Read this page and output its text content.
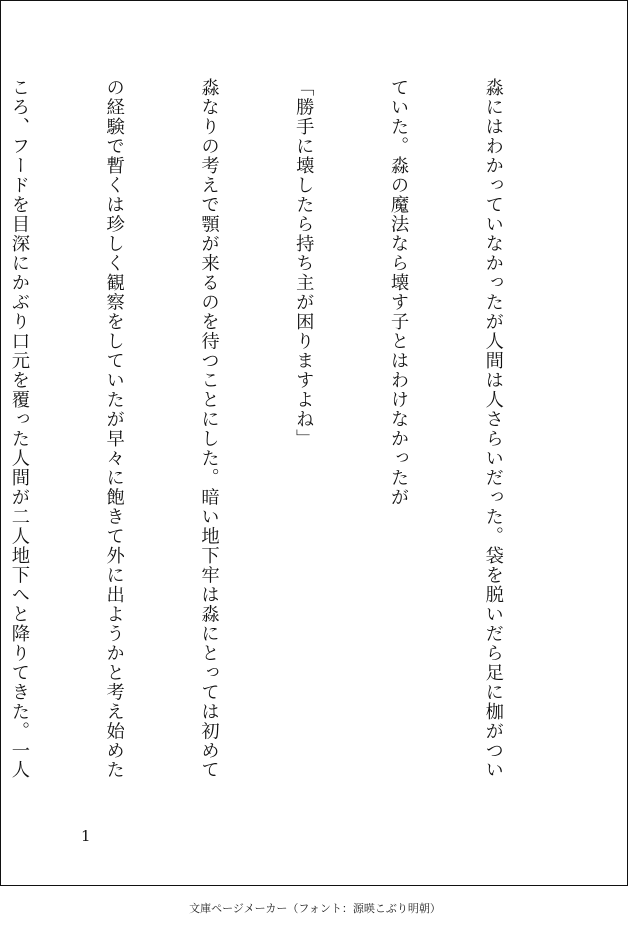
淼にはわかっていなかったが人間は人さらいだった。袋を脱いだら足に枷がつい

ていた。淼の魔法なら壊す子とはわけなかったが

「勝手に壊したら持ち主が困りますよね」

淼なりの考えで顎が来るのを待つことにした。暗い地下牢は淼にとっては初めて

の経験で暫くは珍しく観察をしていたが早々に飽きて外に出ようかと考え始めた

ころ、フードを目深にかぶり口元を覆った人間が二人地下へと降りてきた。一人

1

文庫ページメーカー（フォント：源暎こぶり明朝）
